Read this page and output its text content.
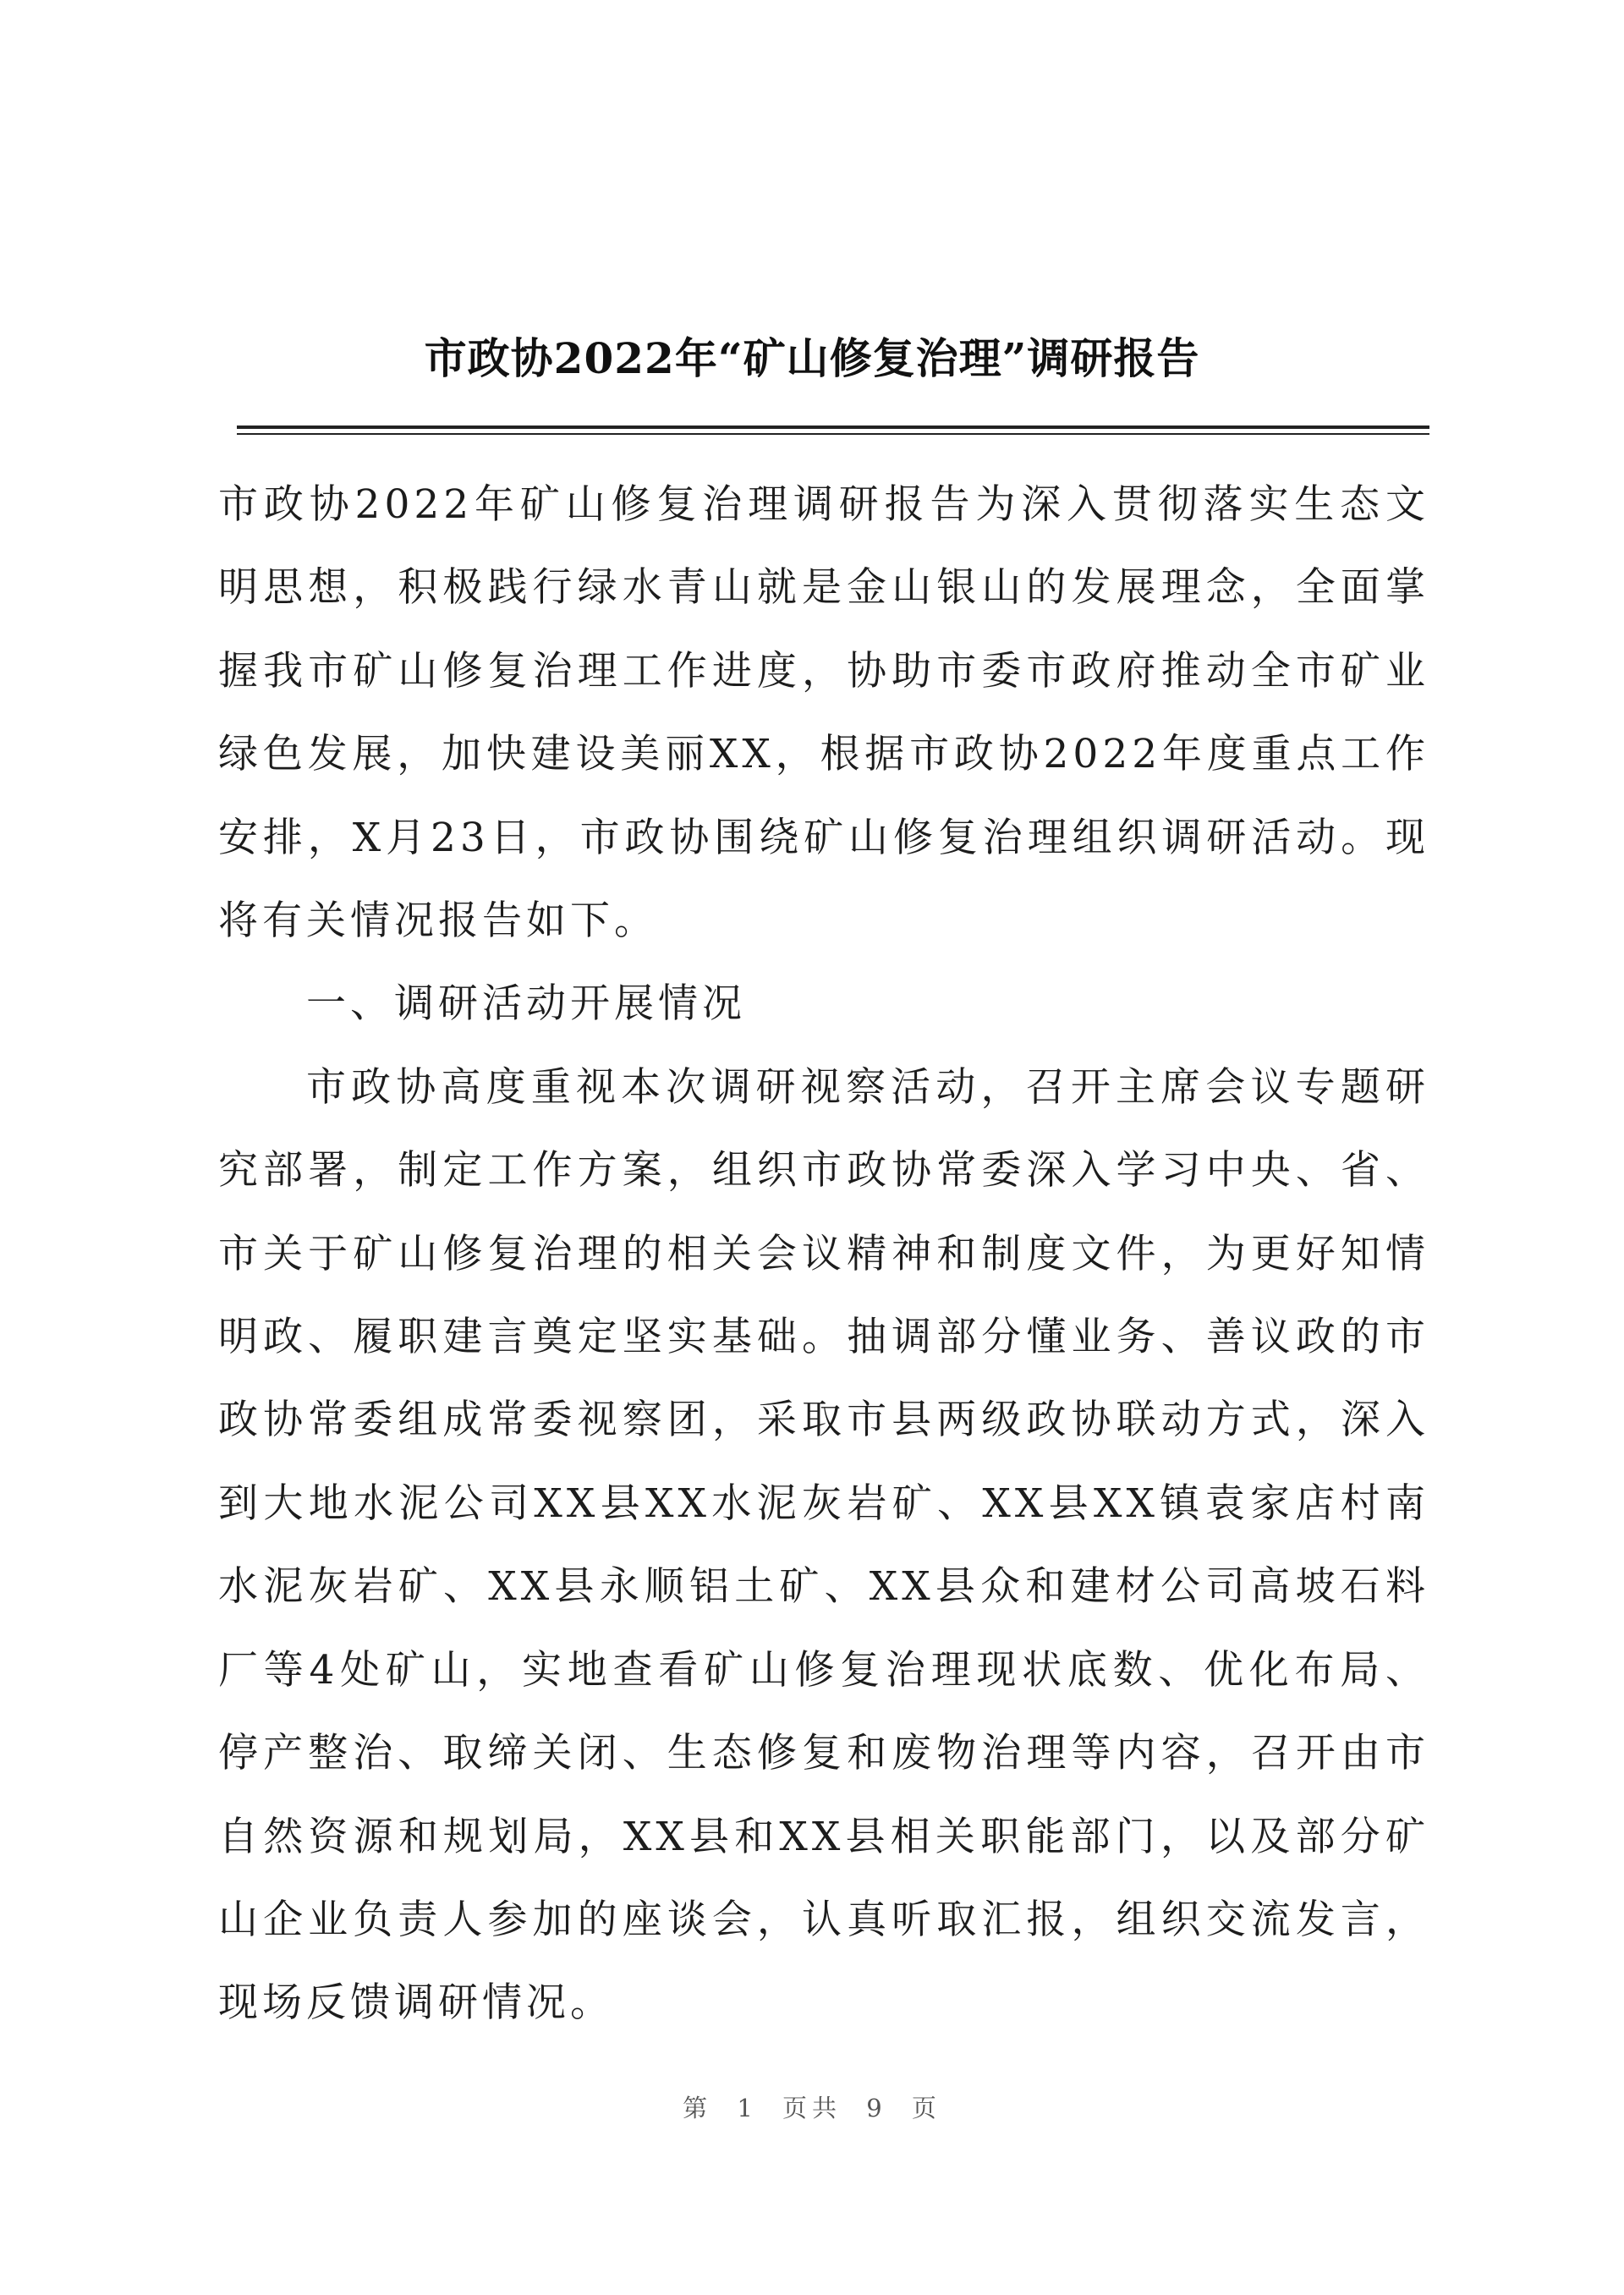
市政协2022年“矿山修复治理”调研报告

市政协2022年矿山修复治理调研报告为深入贯彻落实生态文明思想，积极践行绿水青山就是金山银山的发展理念，全面掌握我市矿山修复治理工作进度，协助市委市政府推动全市矿业绿色发展，加快建设美丽XX，根据市政协2022年度重点工作安排，X月23日，市政协围绕矿山修复治理组织调研活动。现将有关情况报告如下。

一、调研活动开展情况

市政协高度重视本次调研视察活动，召开主席会议专题研究部署，制定工作方案，组织市政协常委深入学习中央、省、市关于矿山修复治理的相关会议精神和制度文件，为更好知情明政、履职建言奠定坚实基础。抽调部分懂业务、善议政的市政协常委组成常委视察团，采取市县两级政协联动方式，深入到大地水泥公司XX县XX水泥灰岩矿、XX县XX镇袁家店村南水泥灰岩矿、XX县永顺铝土矿、XX县众和建材公司高坡石料厂等4处矿山，实地查看矿山修复治理现状底数、优化布局、停产整治、取缔关闭、生态修复和废物治理等内容，召开由市自然资源和规划局，XX县和XX县相关职能部门，以及部分矿山企业负责人参加的座谈会，认真听取汇报，组织交流发言，现场反馈调研情况。

第 1 页共 9 页
